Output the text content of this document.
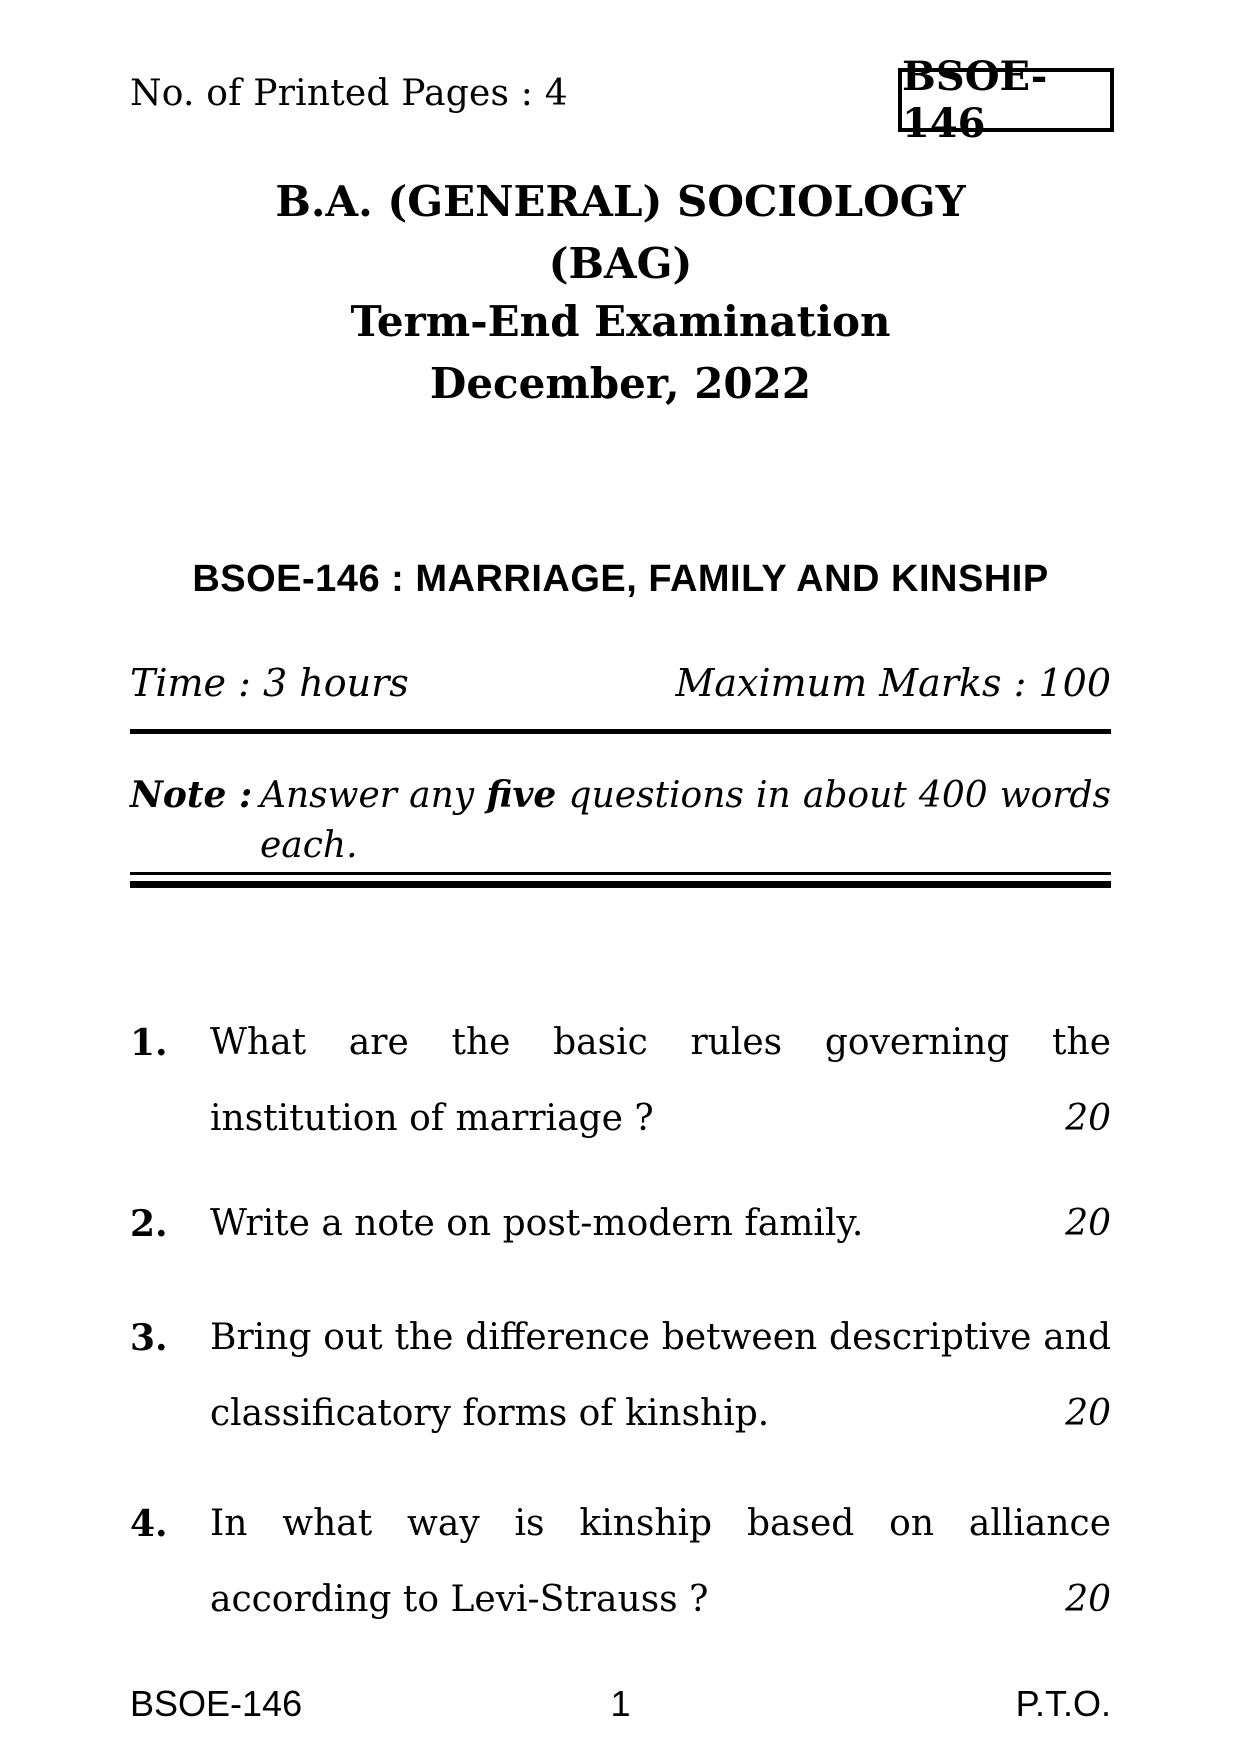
No. of Printed Pages : 4	BSOE-146
B.A. (GENERAL) SOCIOLOGY
(BAG)
Term-End Examination
December, 2022
BSOE-146 : MARRIAGE, FAMILY AND KINSHIP
Time : 3 hours	Maximum Marks : 100
Note : Answer any five questions in about 400 words
each.
1.	What are the basic rules governing the
institution of marriage ?	20
2.	Write a note on post-modern family.	20
3.	Bring out the difference between descriptive and
classificatory forms of kinship.	20
4.	In what way is kinship based on alliance
according to Levi-Strauss ?	20
BSOE-146	1	P.T.O.
